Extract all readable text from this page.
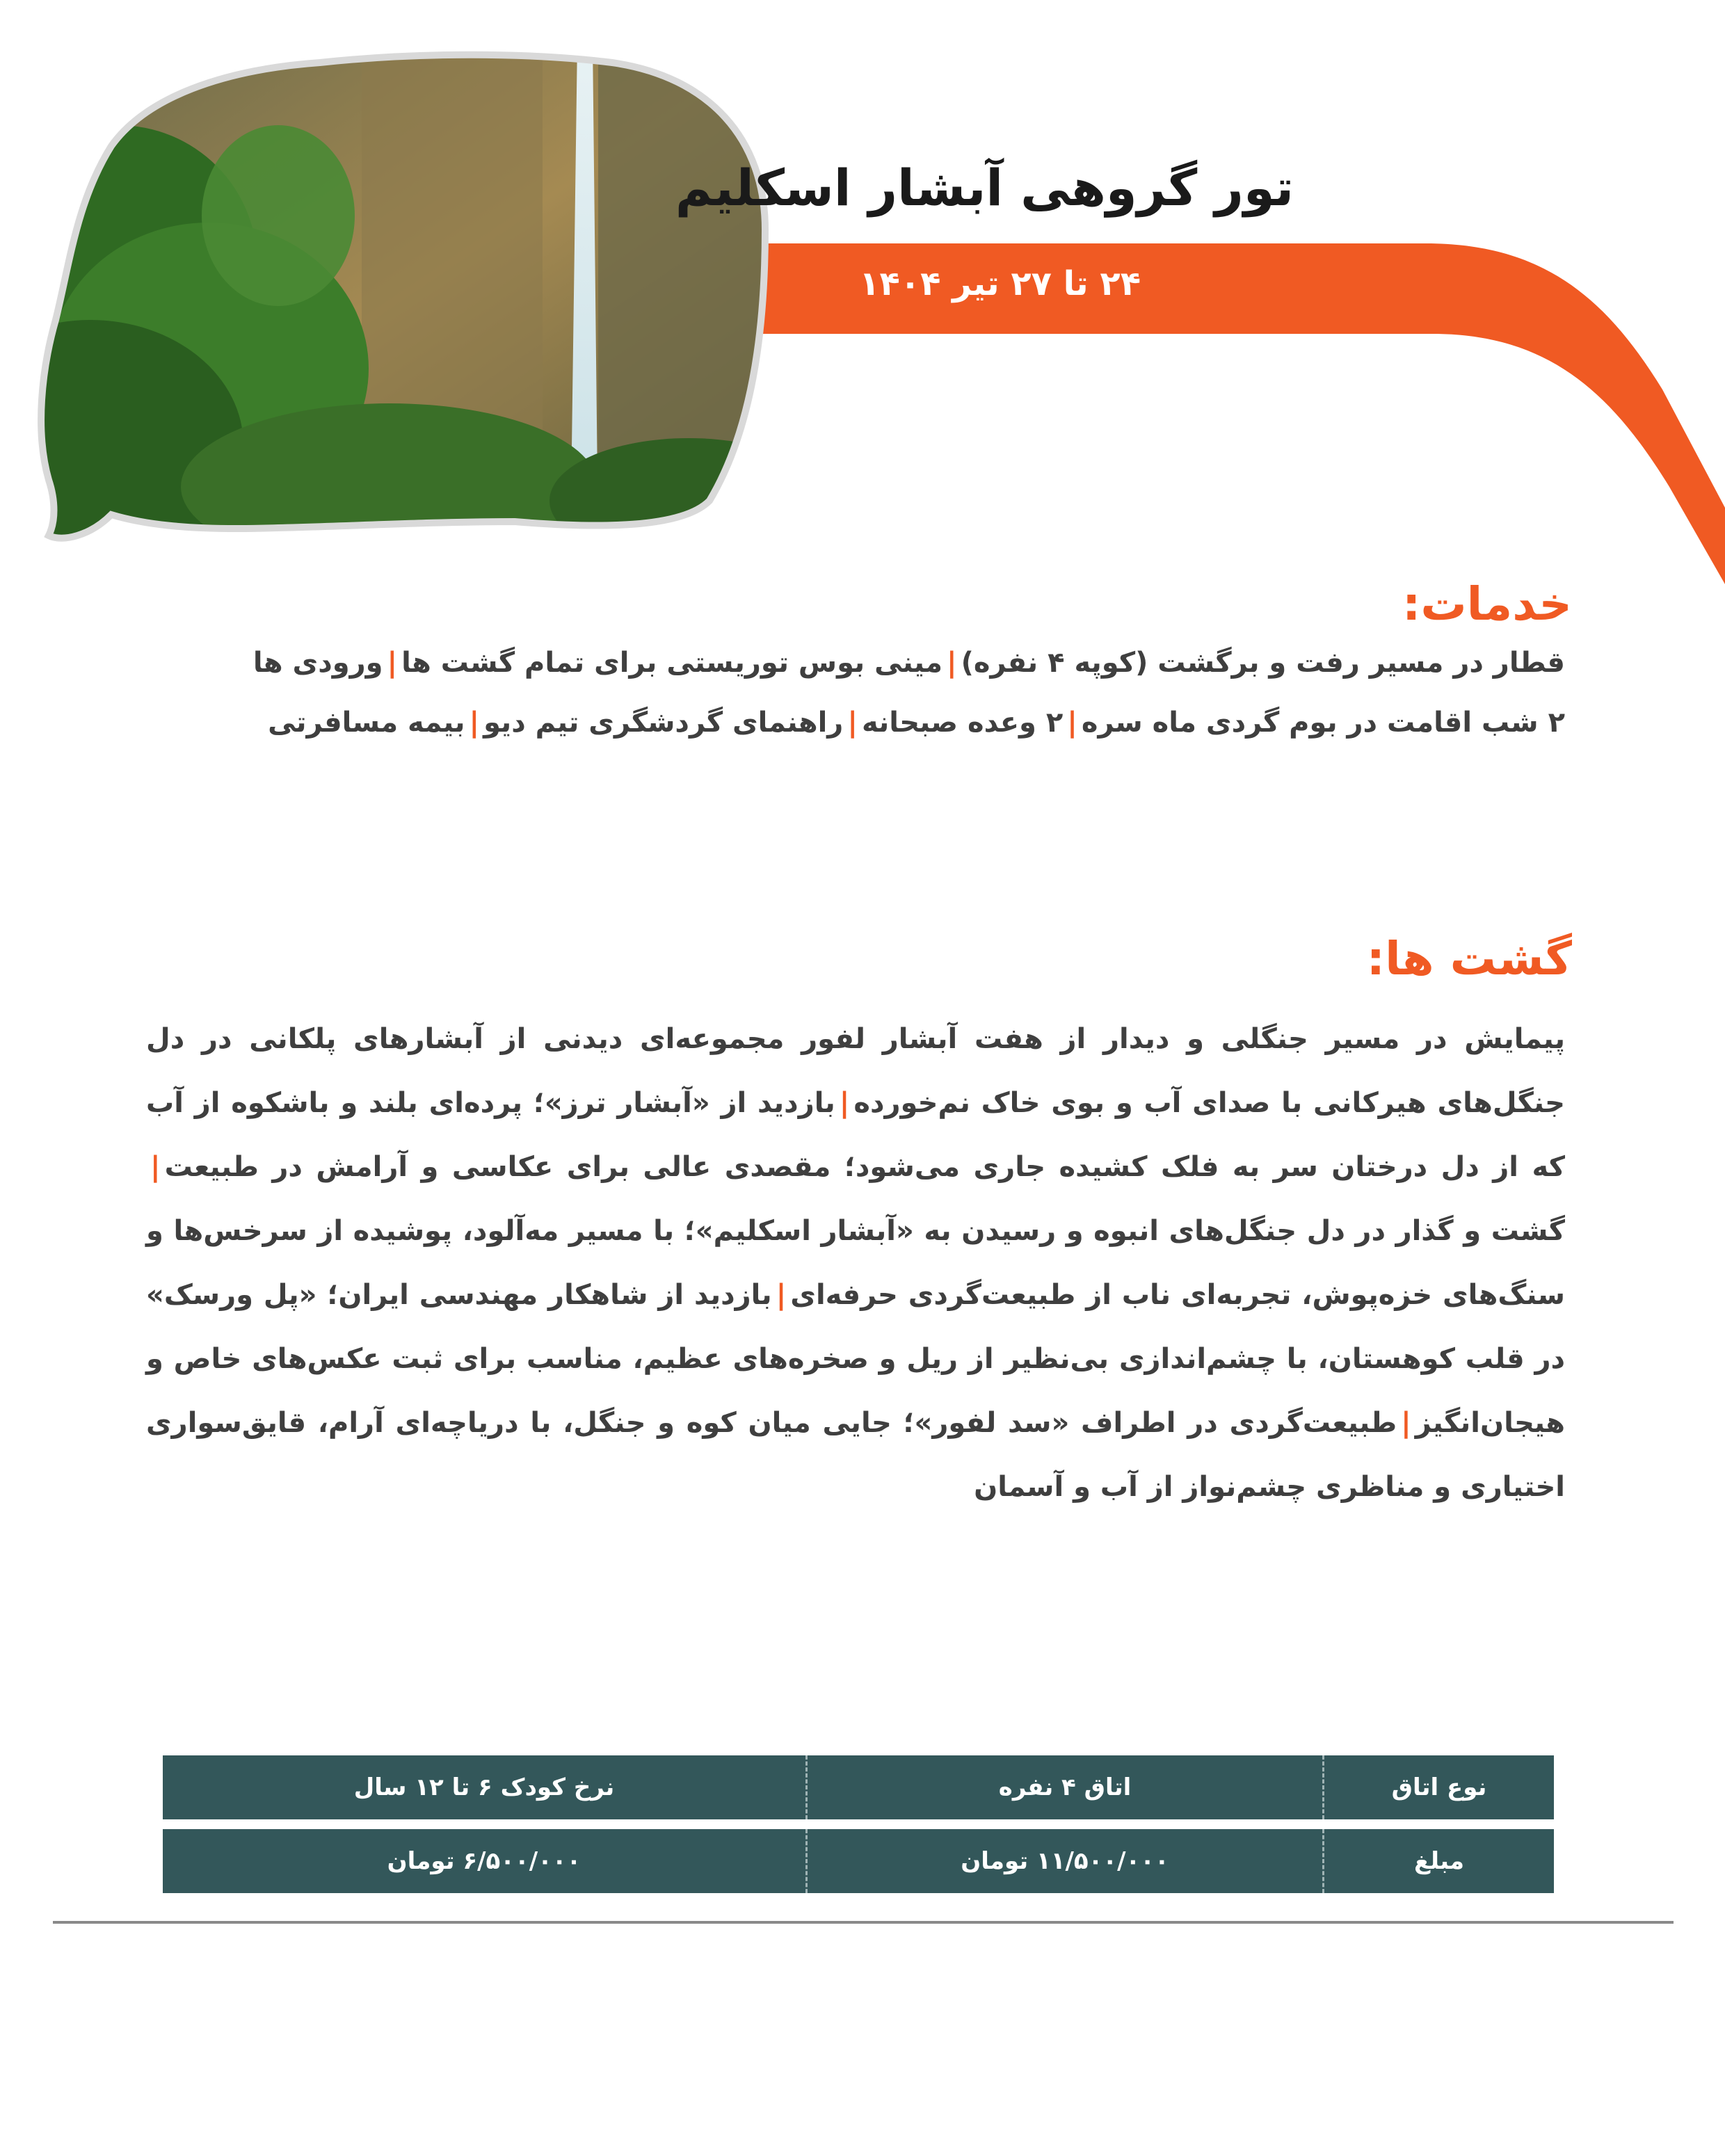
تور گروهی آبشار اسکلیم
۲۴ تا ۲۷ تیر ۱۴۰۴
خدمات:

قطار در مسیر رفت و برگشت (کوپه ۴ نفره)|مینی بوس توریستی برای تمام گشت ها|ورودی ها

۲ شب اقامت در بوم گردی ماه سره|۲ وعده صبحانه|راهنمای گردشگری تیم دیو|بیمه مسافرتی

گشت ها:

پیمایش در مسیر جنگلی و دیدار از هفت آبشار لفور مجموعه‌ای دیدنی از آبشارهای پلکانی در دل جنگل‌های هیرکانی با صدای آب و بوی خاک نم‌خورده|بازدید از «آبشار ترز»؛ پرده‌ای بلند و باشکوه از آب که از دل درختان سر به فلک کشیده جاری می‌شود؛ مقصدی عالی برای عکاسی و آرامش در طبیعت|گشت و گذار در دل جنگل‌های انبوه و رسیدن به «آبشار اسکلیم»؛ با مسیر مه‌آلود، پوشیده از سرخس‌ها و سنگ‌های خزه‌پوش، تجربه‌ای ناب از طبیعت‌گردی حرفه‌ای|بازدید از شاهکار مهندسی ایران؛ «پل ورسک» در قلب کوهستان، با چشم‌اندازی بی‌نظیر از ریل و صخره‌های عظیم، مناسب برای ثبت عکس‌های خاص و هیجان‌انگیز|طبیعت‌گردی در اطراف «سد لفور»؛ جایی میان کوه و جنگل، با دریاچه‌ای آرام، قایق‌سواری اختیاری و مناظری چشم‌نواز از آب و آسمان

نوع اتاق	اتاق ۴ نفره	نرخ کودک ۶ تا ۱۲ سال
مبلغ	۱۱/۵۰۰/۰۰۰ تومان	۶/۵۰۰/۰۰۰ تومان
